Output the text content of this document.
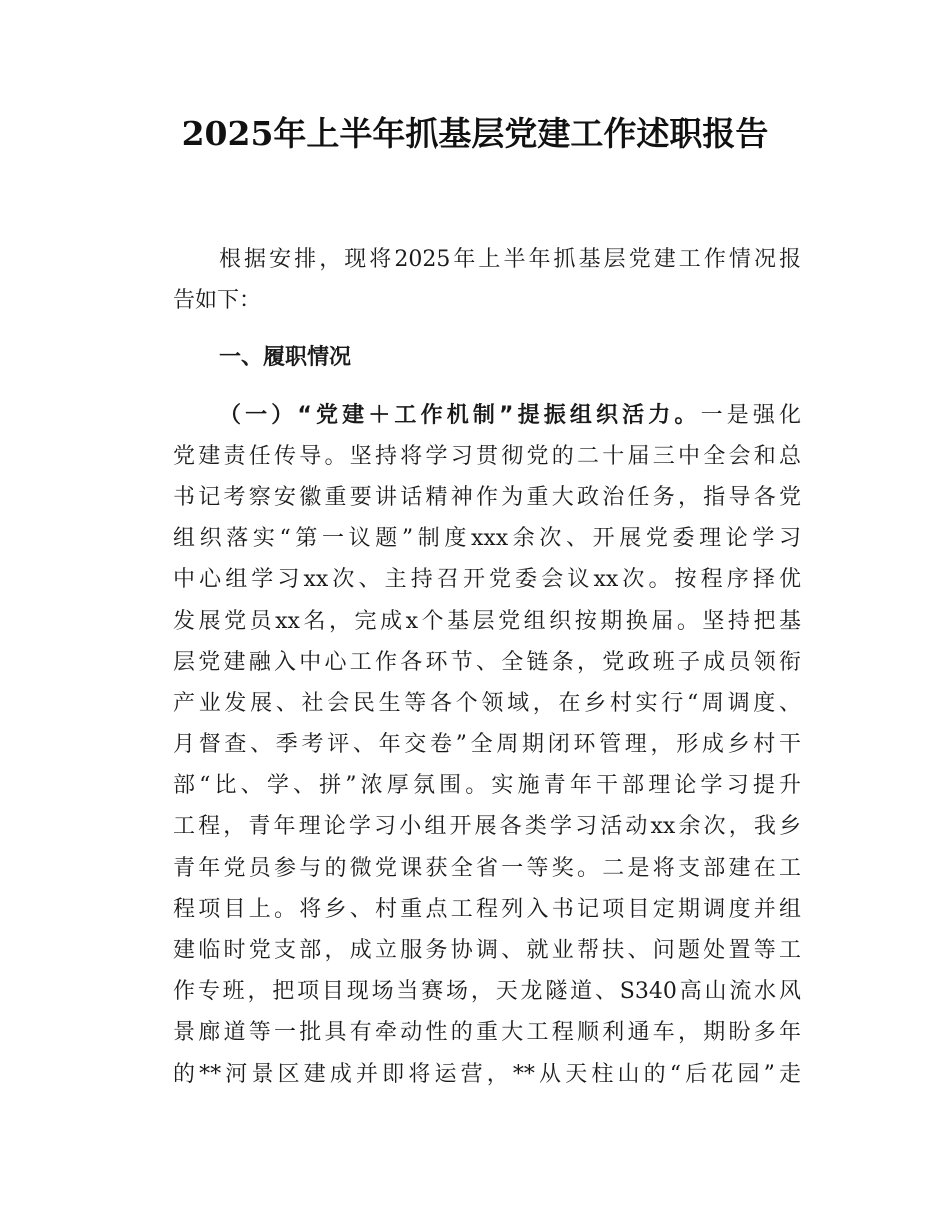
2025年上半年抓基层党建工作述职报告
根据安排，现将2025年上半年抓基层党建工作情况报
告如下：
一、履职情况
（一）“党建＋工作机制”提振组织活力。一是强化
党建责任传导。坚持将学习贯彻党的二十届三中全会和总
书记考察安徽重要讲话精神作为重大政治任务，指导各党
组织落实“第一议题”制度xxx余次、开展党委理论学习
中心组学习xx次、主持召开党委会议xx次。按程序择优
发展党员xx名，完成x个基层党组织按期换届。坚持把基
层党建融入中心工作各环节、全链条，党政班子成员领衔
产业发展、社会民生等各个领域，在乡村实行“周调度、
月督查、季考评、年交卷”全周期闭环管理，形成乡村干
部“比、学、拼”浓厚氛围。实施青年干部理论学习提升
工程，青年理论学习小组开展各类学习活动xx余次，我乡
青年党员参与的微党课获全省一等奖。二是将支部建在工
程项目上。将乡、村重点工程列入书记项目定期调度并组
建临时党支部，成立服务协调、就业帮扶、问题处置等工
作专班，把项目现场当赛场，天龙隧道、S340高山流水风
景廊道等一批具有牵动性的重大工程顺利通车，期盼多年
的**河景区建成并即将运营，**从天柱山的“后花园”走
